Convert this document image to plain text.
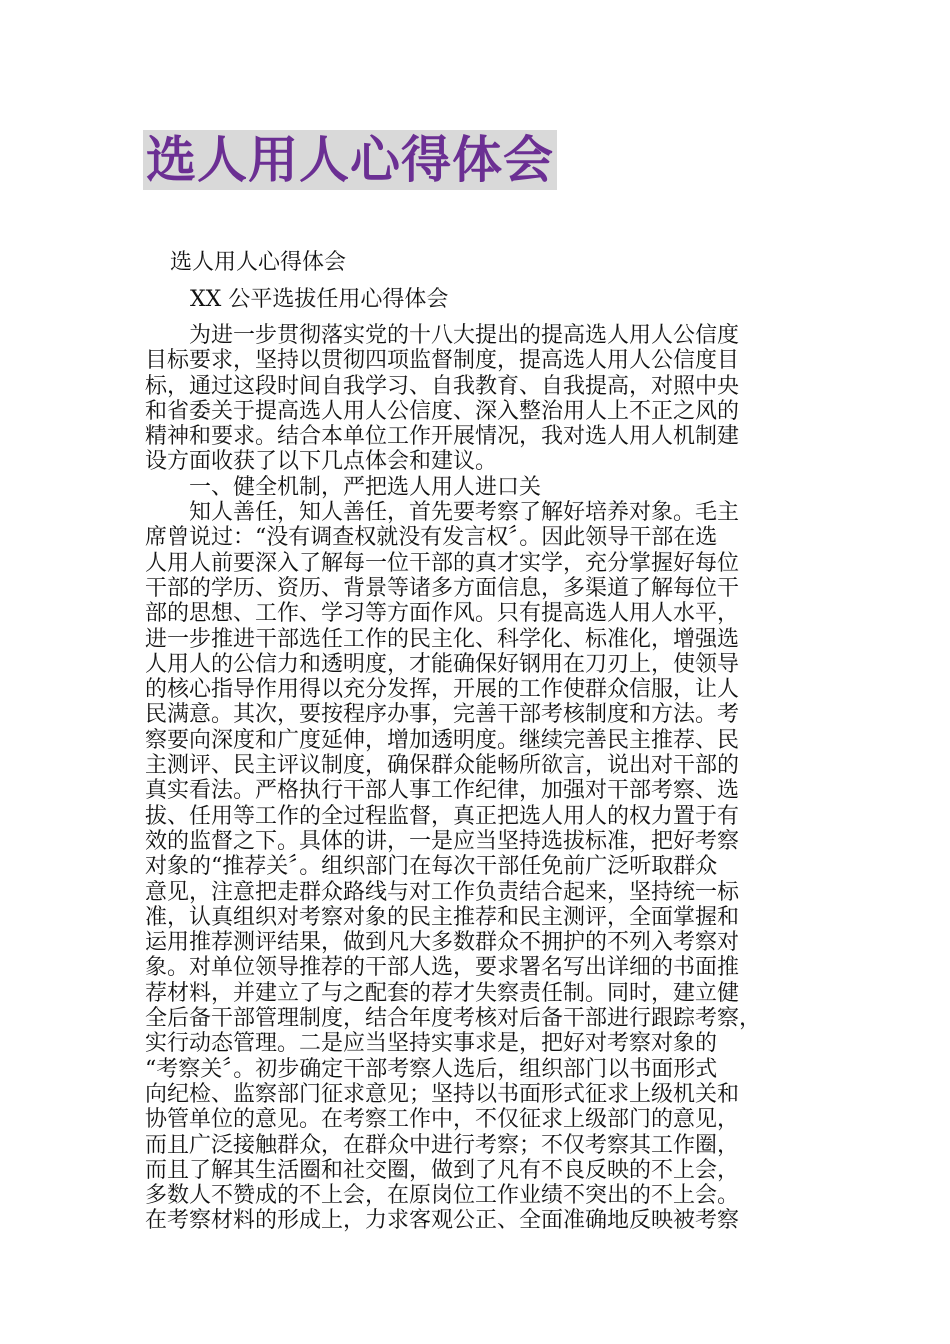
选人用人心得体会
选人用人心得体会
XX 公平选拔任用心得体会
　　为进一步贯彻落实党的十八大提出的提高选人用人公信度
目标要求，坚持以贯彻四项监督制度，提高选人用人公信度目
标，通过这段时间自我学习、自我教育、自我提高，对照中央
和省委关于提高选人用人公信度、深入整治用人上不正之风的
精神和要求。结合本单位工作开展情况，我对选人用人机制建
设方面收获了以下几点体会和建议。
　　一、健全机制，严把选人用人进口关
　　知人善任，知人善任，首先要考察了解好培养对象。毛主
席曾说过：“没有调查权就没有发言权〞。因此领导干部在选
人用人前要深入了解每一位干部的真才实学，充分掌握好每位
干部的学历、资历、背景等诸多方面信息，多渠道了解每位干
部的思想、工作、学习等方面作风。只有提高选人用人水平，
进一步推进干部选任工作的民主化、科学化、标准化，增强选
人用人的公信力和透明度，才能确保好钢用在刀刃上，使领导
的核心指导作用得以充分发挥，开展的工作使群众信服，让人
民满意。其次，要按程序办事，完善干部考核制度和方法。考
察要向深度和广度延伸，增加透明度。继续完善民主推荐、民
主测评、民主评议制度，确保群众能畅所欲言，说出对干部的
真实看法。严格执行干部人事工作纪律，加强对干部考察、选
拔、任用等工作的全过程监督，真正把选人用人的权力置于有
效的监督之下。具体的讲，一是应当坚持选拔标准，把好考察
对象的“推荐关〞。组织部门在每次干部任免前广泛听取群众
意见，注意把走群众路线与对工作负责结合起来，坚持统一标
准，认真组织对考察对象的民主推荐和民主测评，全面掌握和
运用推荐测评结果，做到凡大多数群众不拥护的不列入考察对
象。对单位领导推荐的干部人选，要求署名写出详细的书面推
荐材料，并建立了与之配套的荐才失察责任制。同时，建立健
全后备干部管理制度，结合年度考核对后备干部进行跟踪考察，
实行动态管理。二是应当坚持实事求是，把好对考察对象的
“考察关〞。初步确定干部考察人选后，组织部门以书面形式
向纪检、监察部门征求意见；坚持以书面形式征求上级机关和
协管单位的意见。在考察工作中，不仅征求上级部门的意见，
而且广泛接触群众，在群众中进行考察；不仅考察其工作圈，
而且了解其生活圈和社交圈，做到了凡有不良反映的不上会，
多数人不赞成的不上会，在原岗位工作业绩不突出的不上会。
在考察材料的形成上，力求客观公正、全面准确地反映被考察
